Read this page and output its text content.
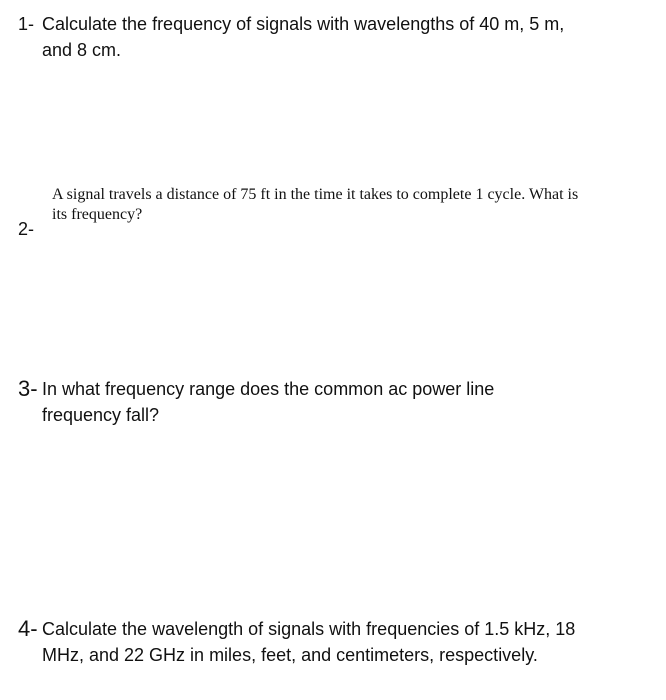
1- Calculate the frequency of signals with wavelengths of 40 m, 5 m,
and 8 cm.
2-
A signal travels a distance of 75 ft in the time it takes to complete 1 cycle. What is
its frequency?
3- In what frequency range does the common ac power line
frequency fall?
4- Calculate the wavelength of signals with frequencies of 1.5 kHz, 18
MHz, and 22 GHz in miles, feet, and centimeters, respectively.
